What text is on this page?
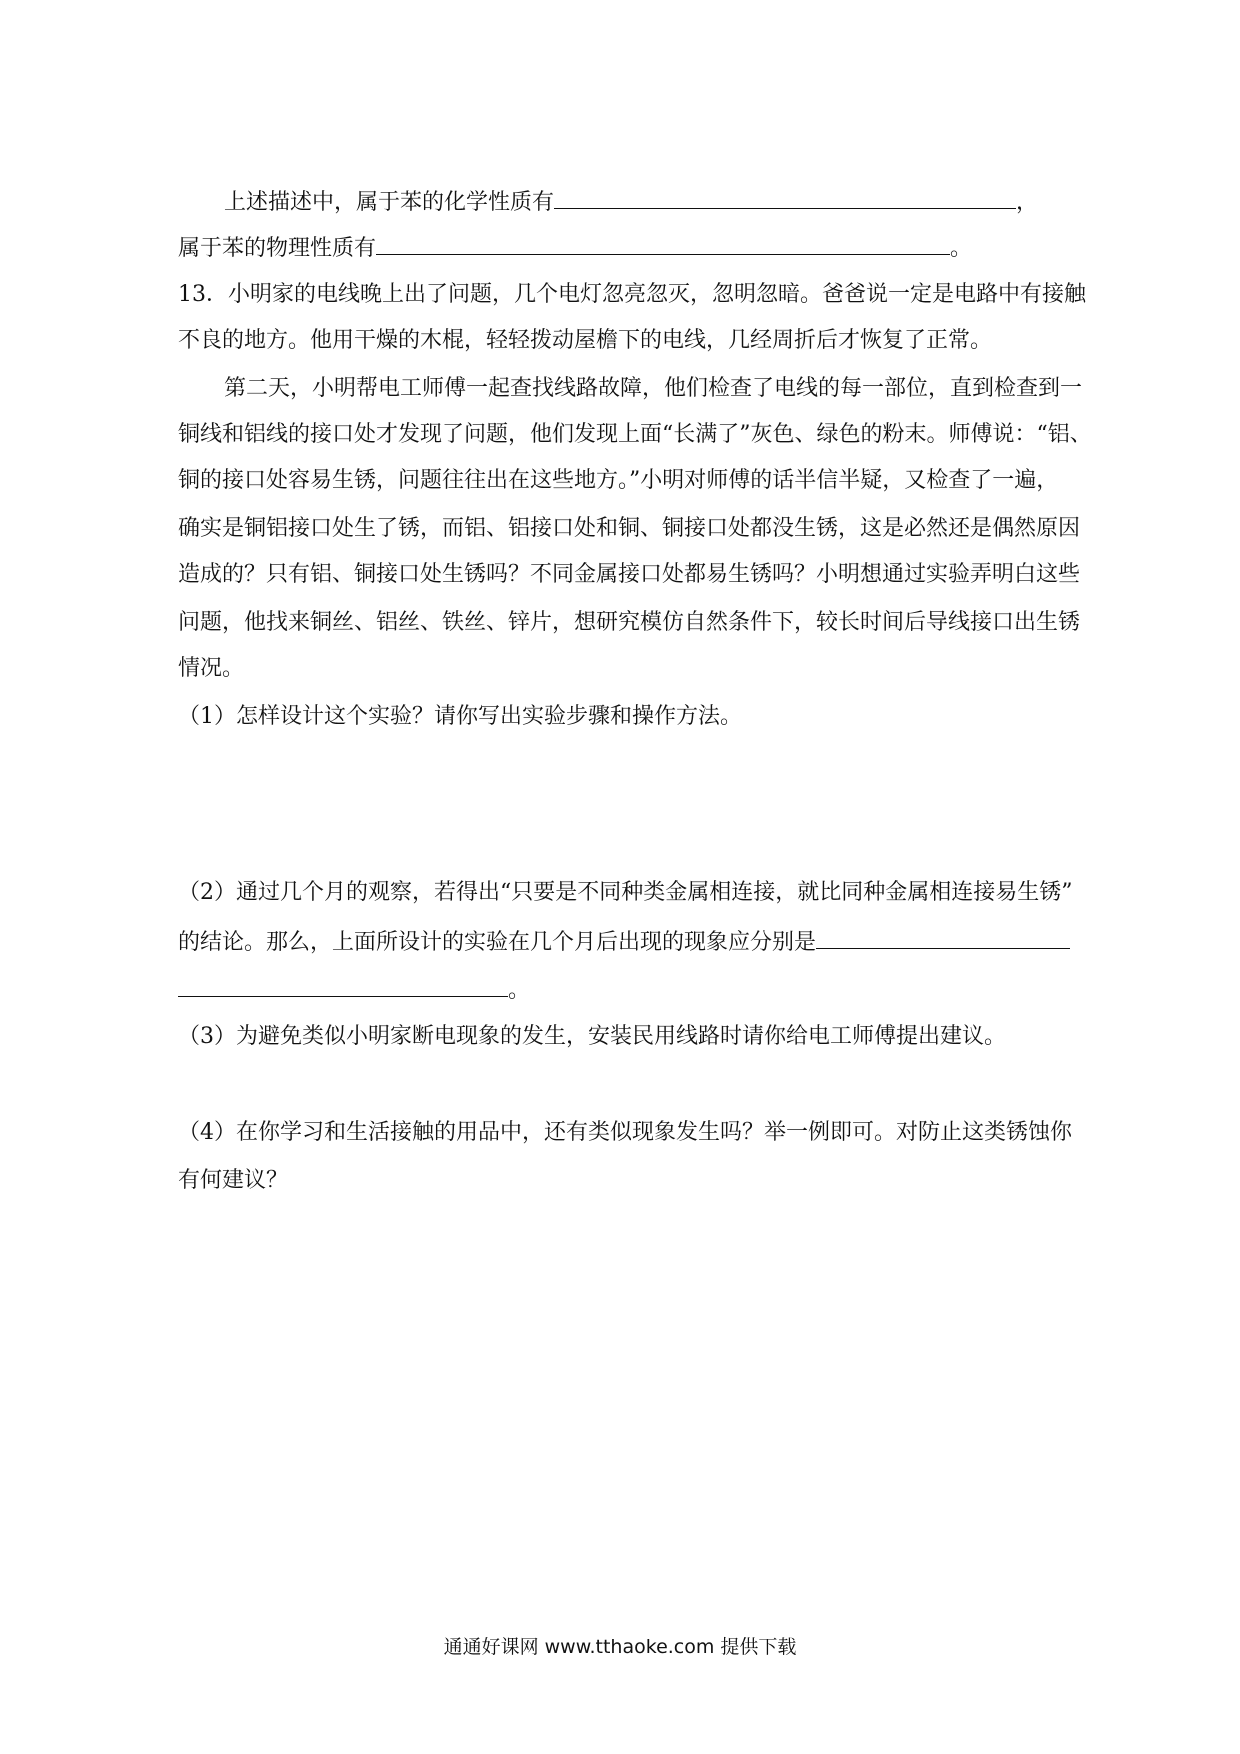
上述描述中，属于苯的化学性质有	，
属于苯的物理性质有	。
13．小明家的电线晚上出了问题，几个电灯忽亮忽灭，忽明忽暗。爸爸说一定是电路中有接触
不良的地方。他用干燥的木棍，轻轻拨动屋檐下的电线，几经周折后才恢复了正常。
第二天，小明帮电工师傅一起查找线路故障，他们检查了电线的每一部位，直到检查到一
铜线和铝线的接口处才发现了问题，他们发现上面“长满了”灰色、绿色的粉末。师傅说：“铝、
铜的接口处容易生锈，问题往往出在这些地方。”小明对师傅的话半信半疑，又检查了一遍，
确实是铜铝接口处生了锈，而铝、铝接口处和铜、铜接口处都没生锈，这是必然还是偶然原因
造成的？只有铝、铜接口处生锈吗？不同金属接口处都易生锈吗？小明想通过实验弄明白这些
问题，他找来铜丝、铝丝、铁丝、锌片，想研究模仿自然条件下，较长时间后导线接口出生锈
情况。
（1）怎样设计这个实验？请你写出实验步骤和操作方法。
（2）通过几个月的观察，若得出“只要是不同种类金属相连接，就比同种金属相连接易生锈”
的结论。那么，上面所设计的实验在几个月后出现的现象应分别是
。
（3）为避免类似小明家断电现象的发生，安装民用线路时请你给电工师傅提出建议。
（4）在你学习和生活接触的用品中，还有类似现象发生吗？举一例即可。对防止这类锈蚀你
有何建议？
通通好课网 www.tthaoke.com 提供下载
